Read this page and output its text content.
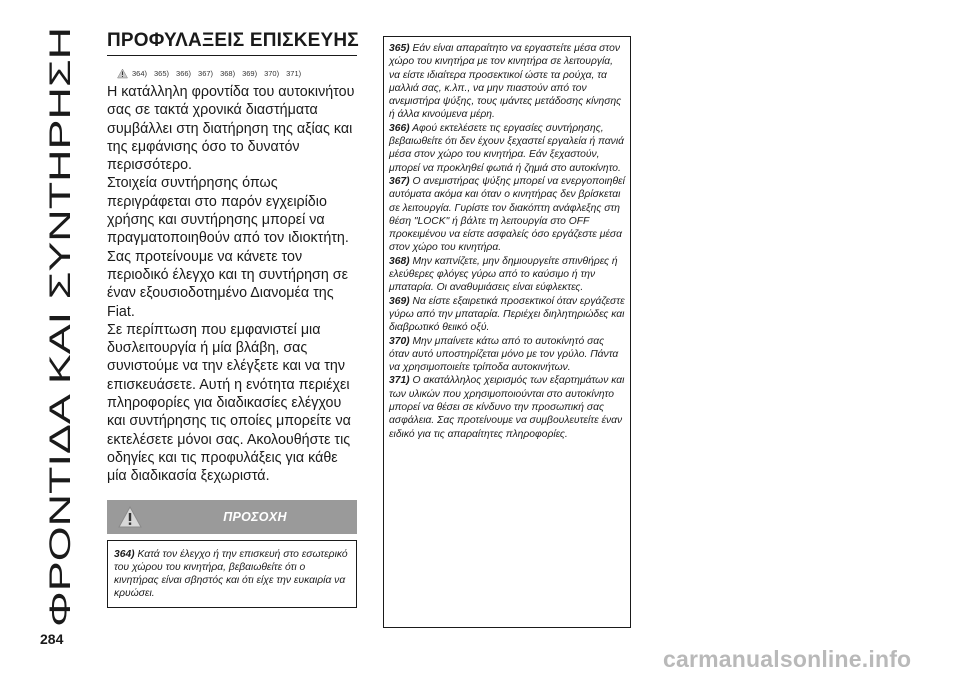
ΦΡΟΝΤΙΔΑ ΚΑΙ ΣΥΝΤΗΡΗΣΗ
284
ΠΡΟΦΥΛΑΞΕΙΣ ΕΠΙΣΚΕΥΗΣ
364) 365) 366) 367) 368) 369) 370) 371)

Η κατάλληλη φροντίδα του αυτοκινήτου σας σε τακτά χρονικά διαστήματα συμβάλλει στη διατήρηση της αξίας και της εμφάνισης όσο το δυνατόν περισσότερο.

Στοιχεία συντήρησης όπως περιγράφεται στο παρόν εγχειρίδιο χρήσης και συντήρησης μπορεί να πραγματοποιηθούν από τον ιδιοκτήτη. Σας προτείνουμε να κάνετε τον περιοδικό έλεγχο και τη συντήρηση σε έναν εξουσιοδοτημένο Διανομέα της Fiat.

Σε περίπτωση που εμφανιστεί μια δυσλειτουργία ή μία βλάβη, σας συνιστούμε να την ελέγξετε και να την επισκευάσετε. Αυτή η ενότητα περιέχει πληροφορίες για διαδικασίες ελέγχου και συντήρησης τις οποίες μπορείτε να εκτελέσετε μόνοι σας. Ακολουθήστε τις οδηγίες και τις προφυλάξεις για κάθε μία διαδικασία ξεχωριστά.

ΠΡΟΣΟΧΗ
364) Κατά τον έλεγχο ή την επισκευή στο εσωτερικό του χώρου του κινητήρα, βεβαιωθείτε ότι ο κινητήρας είναι σβηστός και ότι είχε την ευκαιρία να κρυώσει.

365) Εάν είναι απαραίτητο να εργαστείτε μέσα στον χώρο του κινητήρα με τον κινητήρα σε λειτουργία, να είστε ιδιαίτερα προσεκτικοί ώστε τα ρούχα, τα μαλλιά σας, κ.λπ., να μην πιαστούν από τον ανεμιστήρα ψύξης, τους ιμάντες μετάδοσης κίνησης ή άλλα κινούμενα μέρη.

366) Αφού εκτελέσετε τις εργασίες συντήρησης, βεβαιωθείτε ότι δεν έχουν ξεχαστεί εργαλεία ή πανιά μέσα στον χώρο του κινητήρα. Εάν ξεχαστούν, μπορεί να προκληθεί φωτιά ή ζημιά στο αυτοκίνητο.

367) Ο ανεμιστήρας ψύξης μπορεί να ενεργοποιηθεί αυτόματα ακόμα και όταν ο κινητήρας δεν βρίσκεται σε λειτουργία. Γυρίστε τον διακόπτη ανάφλεξης στη θέση "LOCK" ή βάλτε τη λειτουργία στο OFF προκειμένου να είστε ασφαλείς όσο εργάζεστε μέσα στον χώρο του κινητήρα.

368) Μην καπνίζετε, μην δημιουργείτε σπινθήρες ή ελεύθερες φλόγες γύρω από το καύσιμο ή την μπαταρία. Οι αναθυμιάσεις είναι εύφλεκτες.

369) Να είστε εξαιρετικά προσεκτικοί όταν εργάζεστε γύρω από την μπαταρία. Περιέχει διηλητηριώδες και διαβρωτικό θειικό οξύ.

370) Μην μπαίνετε κάτω από το αυτοκίνητό σας όταν αυτό υποστηρίζεται μόνο με τον γρύλο. Πάντα να χρησιμοποιείτε τρίποδα αυτοκινήτων.

371) Ο ακατάλληλος χειρισμός των εξαρτημάτων και των υλικών που χρησιμοποιούνται στο αυτοκίνητο μπορεί να θέσει σε κίνδυνο την προσωπική σας ασφάλεια. Σας προτείνουμε να συμβουλευτείτε έναν ειδικό για τις απαραίτητες πληροφορίες.

carmanualsonline.info
